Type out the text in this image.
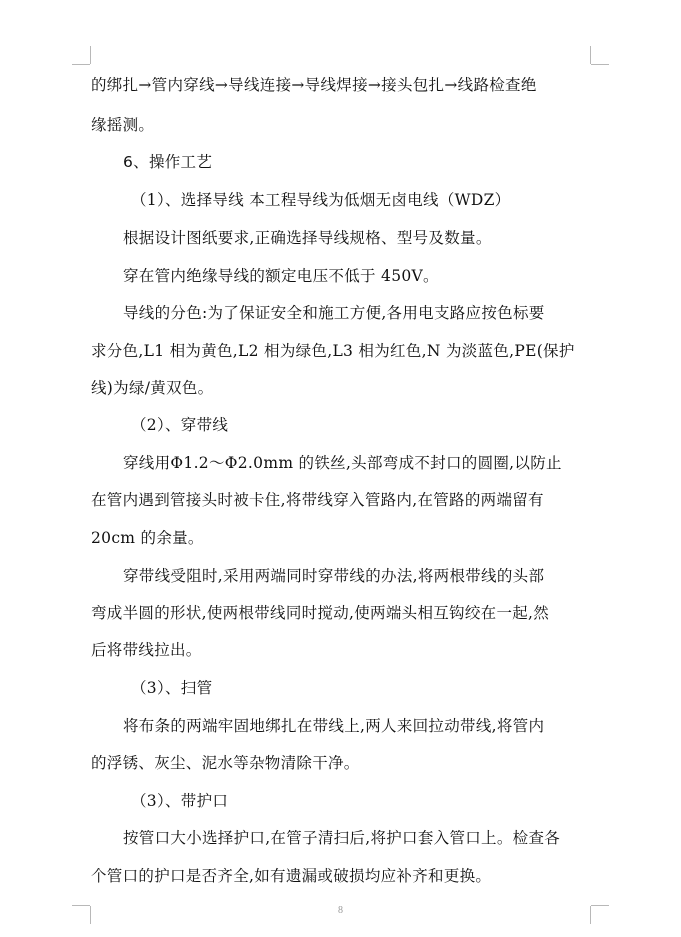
的绑扎→管内穿线→导线连接→导线焊接→接头包扎→线路检查绝
缘摇测。
6、操作工艺
（1）、选择导线 本工程导线为低烟无卤电线（WDZ）
根据设计图纸要求,正确选择导线规格、型号及数量。
穿在管内绝缘导线的额定电压不低于 450V。
导线的分色:为了保证安全和施工方便,各用电支路应按色标要
求分色,L1 相为黄色,L2 相为绿色,L3 相为红色,N 为淡蓝色,PE(保护
线)为绿/黄双色。
（2）、穿带线
穿线用Φ1.2～Φ2.0mm 的铁丝,头部弯成不封口的圆圈,以防止
在管内遇到管接头时被卡住,将带线穿入管路内,在管路的两端留有
20cm 的余量。
穿带线受阻时,采用两端同时穿带线的办法,将两根带线的头部
弯成半圆的形状,使两根带线同时搅动,使两端头相互钩绞在一起,然
后将带线拉出。
（3）、扫管
将布条的两端牢固地绑扎在带线上,两人来回拉动带线,将管内
的浮锈、灰尘、泥水等杂物清除干净。
（3）、带护口
按管口大小选择护口,在管子清扫后,将护口套入管口上。检查各
个管口的护口是否齐全,如有遗漏或破损均应补齐和更换。
8
